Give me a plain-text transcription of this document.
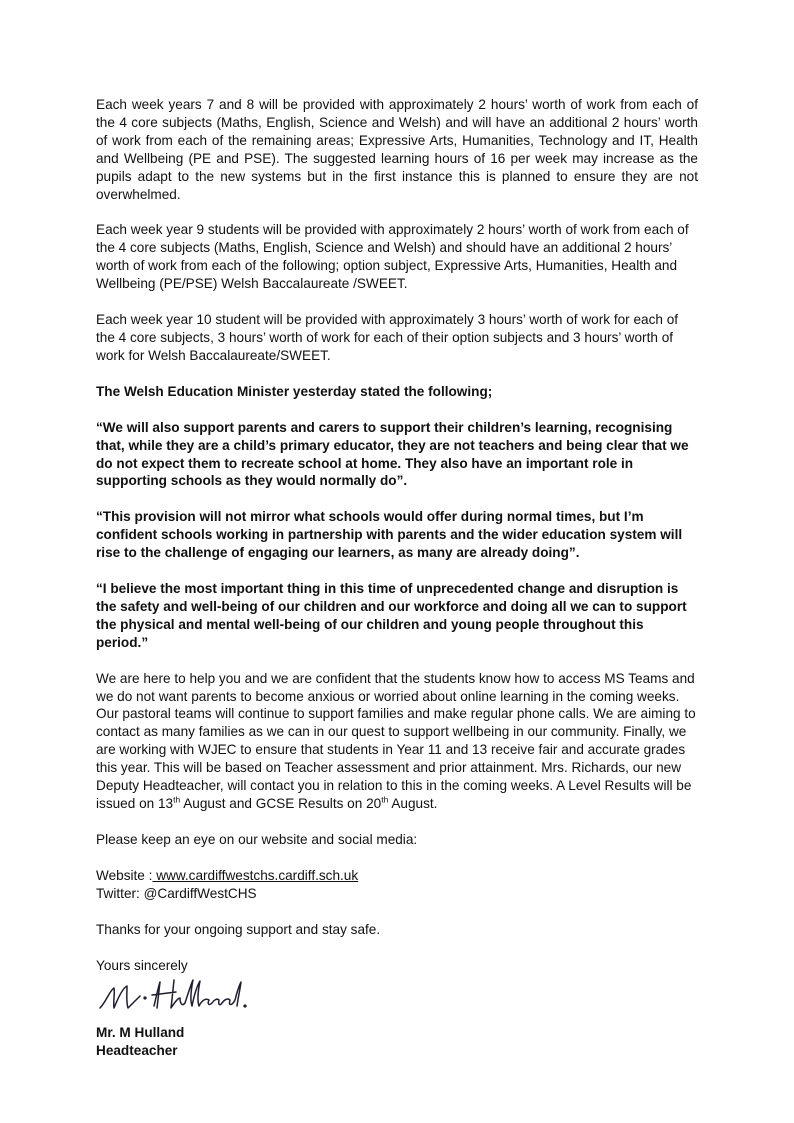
Each week years 7 and 8 will be provided with approximately 2 hours’ worth of work from each of the 4 core subjects (Maths, English, Science and Welsh) and will have an additional 2 hours’ worth of work from each of the remaining areas; Expressive Arts, Humanities, Technology and IT, Health and Wellbeing (PE and PSE). The suggested learning hours of 16 per week may increase as the pupils adapt to the new systems but in the first instance this is planned to ensure they are not overwhelmed.

Each week year 9 students will be provided with approximately 2 hours’ worth of work from each of the 4 core subjects (Maths, English, Science and Welsh) and should have an additional 2 hours’ worth of work from each of the following; option subject, Expressive Arts, Humanities, Health and Wellbeing (PE/PSE) Welsh Baccalaureate /SWEET.

Each week year 10 student will be provided with approximately 3 hours’ worth of work for each of the 4 core subjects, 3 hours’ worth of work for each of their option subjects and 3 hours’ worth of work for Welsh Baccalaureate/SWEET.

The Welsh Education Minister yesterday stated the following;

“We will also support parents and carers to support their children’s learning, recognising that, while they are a child’s primary educator, they are not teachers and being clear that we do not expect them to recreate school at home. They also have an important role in supporting schools as they would normally do”.

“This provision will not mirror what schools would offer during normal times, but I’m confident schools working in partnership with parents and the wider education system will rise to the challenge of engaging our learners, as many are already doing”.

“I believe the most important thing in this time of unprecedented change and disruption is the safety and well-being of our children and our workforce and doing all we can to support the physical and mental well-being of our children and young people throughout this period.”

We are here to help you and we are confident that the students know how to access MS Teams and we do not want parents to become anxious or worried about online learning in the coming weeks. Our pastoral teams will continue to support families and make regular phone calls. We are aiming to contact as many families as we can in our quest to support wellbeing in our community. Finally, we are working with WJEC to ensure that students in Year 11 and 13 receive fair and accurate grades this year. This will be based on Teacher assessment and prior attainment. Mrs. Richards, our new Deputy Headteacher, will contact you in relation to this in the coming weeks. A Level Results will be issued on 13th August and GCSE Results on 20th August.

Please keep an eye on our website and social media:

Website : www.cardiffwestchs.cardiff.sch.uk

Twitter: @CardiffWestCHS

Thanks for your ongoing support and stay safe.

Yours sincerely

Mr. M Hulland

Headteacher
